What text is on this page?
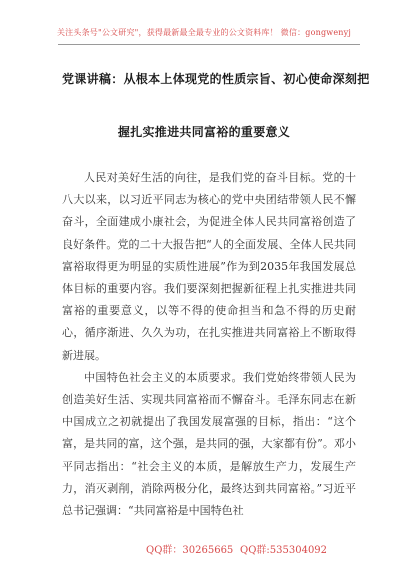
关注头条号"公文研究"，获得最新最全最专业的公文资料库！ 微信：gongwenyj
党课讲稿：从根本上体现党的性质宗旨、初心使命深刻把
握扎实推进共同富裕的重要意义

人民对美好生活的向往，是我们党的奋斗目标。党的十八大以来，以习近平同志为核心的党中央团结带领人民不懈奋斗，全面建成小康社会，为促进全体人民共同富裕创造了良好条件。党的二十大报告把“人的全面发展、全体人民共同富裕取得更为明显的实质性进展”作为到2035年我国发展总体目标的重要内容。我们要深刻把握新征程上扎实推进共同富裕的重要意义，以等不得的使命担当和急不得的历史耐心，循序渐进、久久为功，在扎实推进共同富裕上不断取得新进展。

中国特色社会主义的本质要求。我们党始终带领人民为创造美好生活、实现共同富裕而不懈奋斗。毛泽东同志在新中国成立之初就提出了我国发展富强的目标，指出：“这个富，是共同的富，这个强，是共同的强，大家都有份”。邓小平同志指出：“社会主义的本质，是解放生产力，发展生产力，消灭剥削，消除两极分化，最终达到共同富裕。”习近平总书记强调：“共同富裕是中国特色社

QQ群：30265665 QQ群:535304092
